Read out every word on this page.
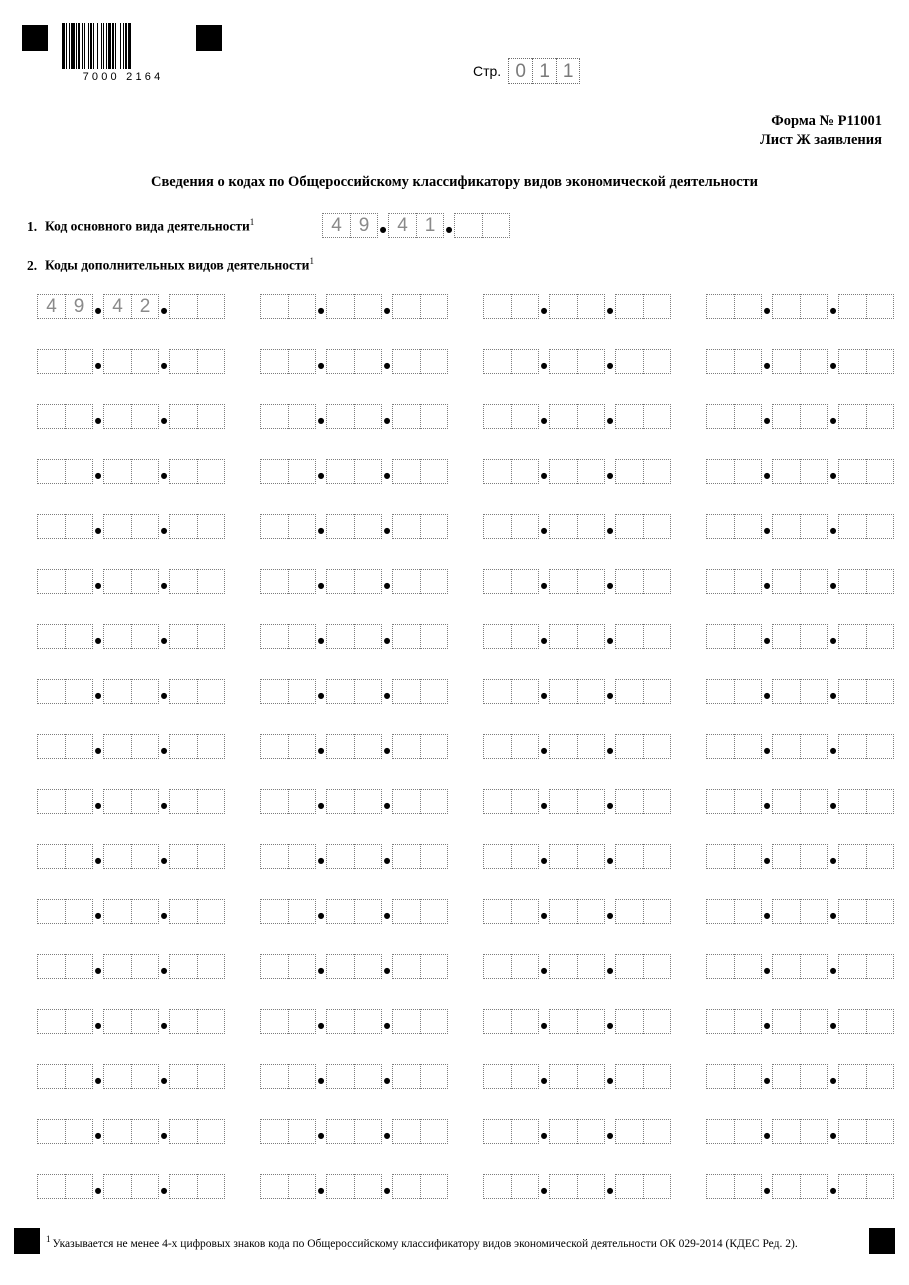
7000 2164	Стр. 0 1 1
Форма № Р11001
Лист Ж заявления
Сведения о кодах по Общероссийскому классификатору видов экономической деятельности
1. Код основного вида деятельности$^1$	4 9 • 4 1 •
2. Коды дополнительных видов деятельности$^1$
4 9 • 4 2 •	•	•	•	•	•	•
•	•	•	•	•	•	•	•
•	•	•	•	•	•	•	•
•	•	•	•	•	•	•	•
•	•	•	•	•	•	•	•
•	•	•	•	•	•	•	•
•	•	•	•	•	•	•	•
•	•	•	•	•	•	•	•
•	•	•	•	•	•	•	•
•	•	•	•	•	•	•	•
•	•	•	•	•	•	•	•
•	•	•	•	•	•	•	•
•	•	•	•	•	•	•	•
•	•	•	•	•	•	•	•
•	•	•	•	•	•	•	•
•	•	•	•	•	•	•	•
•	•	•	•	•	•	•	•
$^1$ Указывается не менее 4-х цифровых знаков кода по Общероссийскому классификатору видов экономической деятельности ОК 029-2014 (КДЕС Ред. 2).
